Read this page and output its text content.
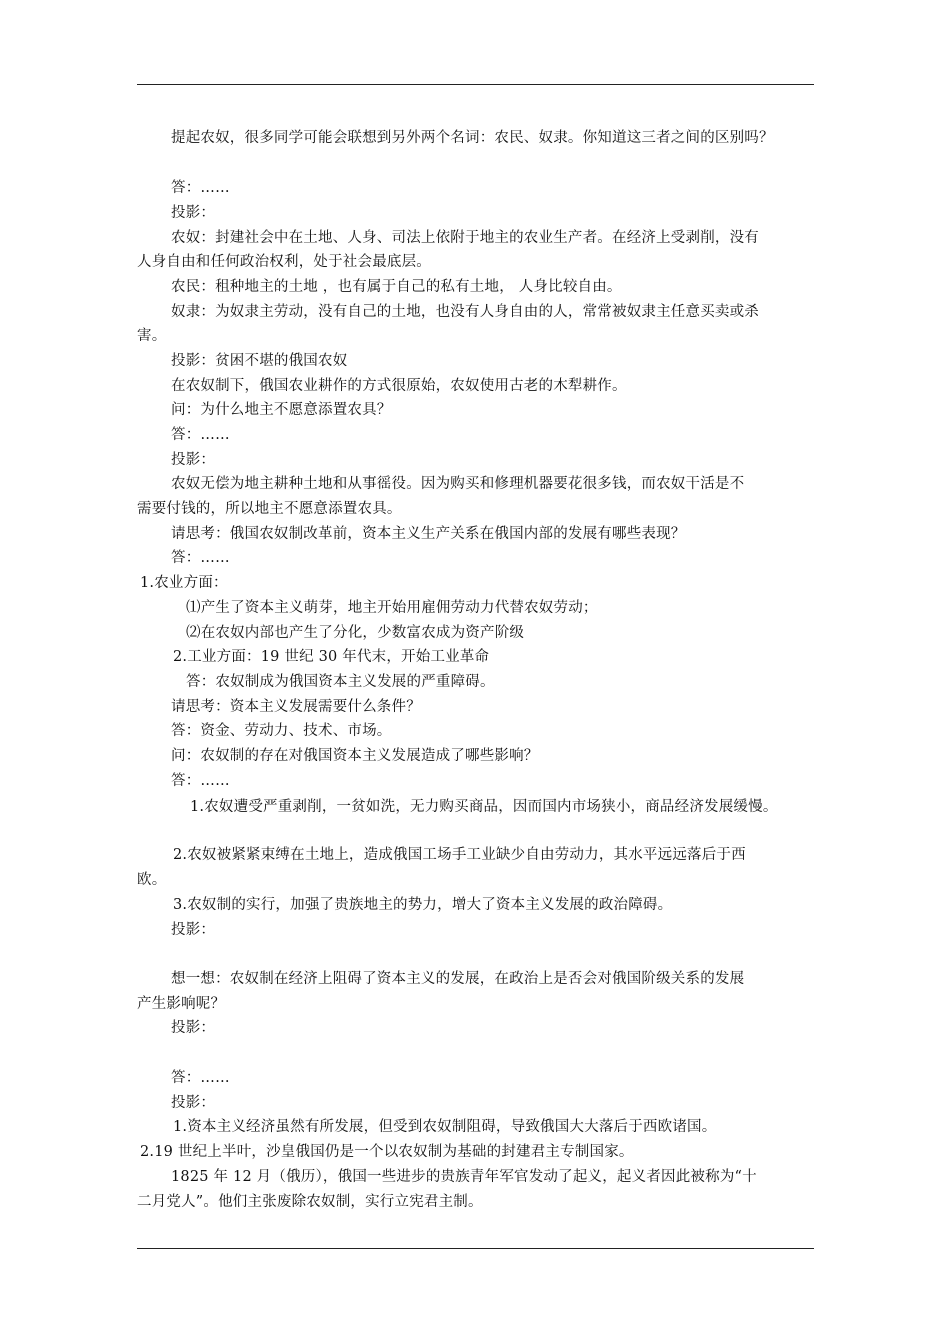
提起农奴，很多同学可能会联想到另外两个名词：农民、奴隶。你知道这三者之间的区别吗？
答：……
投影：
农奴：封建社会中在土地、人身、司法上依附于地主的农业生产者。在经济上受剥削，没有
人身自由和任何政治权利，处于社会最底层。
农民：租种地主的土地 ，也有属于自己的私有土地， 人身比较自由。
奴隶：为奴隶主劳动，没有自己的土地，也没有人身自由的人，常常被奴隶主任意买卖或杀
害。
投影：贫困不堪的俄国农奴
在农奴制下，俄国农业耕作的方式很原始，农奴使用古老的木犁耕作。
问：为什么地主不愿意添置农具？
答：……
投影：
农奴无偿为地主耕种土地和从事徭役。因为购买和修理机器要花很多钱，而农奴干活是不
需要付钱的，所以地主不愿意添置农具。
请思考：俄国农奴制改革前，资本主义生产关系在俄国内部的发展有哪些表现？
答：……
1.农业方面：
⑴产生了资本主义萌芽，地主开始用雇佣劳动力代替农奴劳动；
⑵在农奴内部也产生了分化，少数富农成为资产阶级
2.工业方面：19 世纪 30 年代末，开始工业革命
答：农奴制成为俄国资本主义发展的严重障碍。
请思考：资本主义发展需要什么条件？
答：资金、劳动力、技术、市场。
问：农奴制的存在对俄国资本主义发展造成了哪些影响？
答：……
1.农奴遭受严重剥削，一贫如洗，无力购买商品，因而国内市场狭小，商品经济发展缓慢。
2.农奴被紧紧束缚在土地上，造成俄国工场手工业缺少自由劳动力，其水平远远落后于西
欧。
3.农奴制的实行，加强了贵族地主的势力，增大了资本主义发展的政治障碍。
投影：
想一想：农奴制在经济上阻碍了资本主义的发展，在政治上是否会对俄国阶级关系的发展
产生影响呢？
投影：
答：……
投影：
1.资本主义经济虽然有所发展，但受到农奴制阻碍，导致俄国大大落后于西欧诸国。
2.19 世纪上半叶，沙皇俄国仍是一个以农奴制为基础的封建君主专制国家。
1825 年 12 月（俄历），俄国一些进步的贵族青年军官发动了起义，起义者因此被称为“十
二月党人”。他们主张废除农奴制，实行立宪君主制。
